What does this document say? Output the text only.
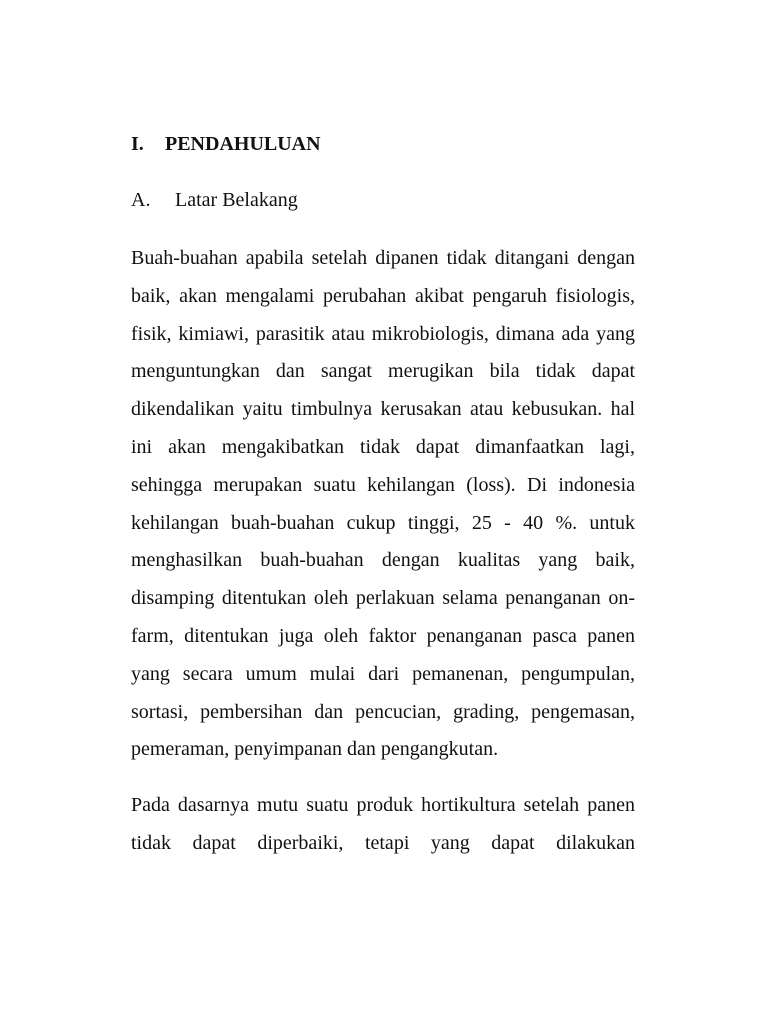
I.	PENDAHULUAN
A.	Latar Belakang

Buah-buahan apabila setelah dipanen tidak ditangani dengan baik, akan mengalami perubahan akibat pengaruh fisiologis, fisik, kimiawi, parasitik atau mikrobiologis, dimana ada yang menguntungkan dan sangat merugikan bila tidak dapat dikendalikan yaitu timbulnya kerusakan atau kebusukan. hal ini akan mengakibatkan tidak dapat dimanfaatkan lagi, sehingga merupakan suatu kehilangan (loss). Di indonesia kehilangan buah-buahan cukup tinggi, 25 - 40 %. untuk menghasilkan buah-buahan dengan kualitas yang baik, disamping ditentukan oleh perlakuan selama penanganan on-farm, ditentukan juga oleh faktor penanganan pasca panen yang secara umum mulai dari pemanenan, pengumpulan, sortasi, pembersihan dan pencucian, grading, pengemasan, pemeraman, penyimpanan dan pengangkutan.

Pada dasarnya mutu suatu produk hortikultura setelah panen tidak dapat diperbaiki, tetapi yang dapat dilakukan
